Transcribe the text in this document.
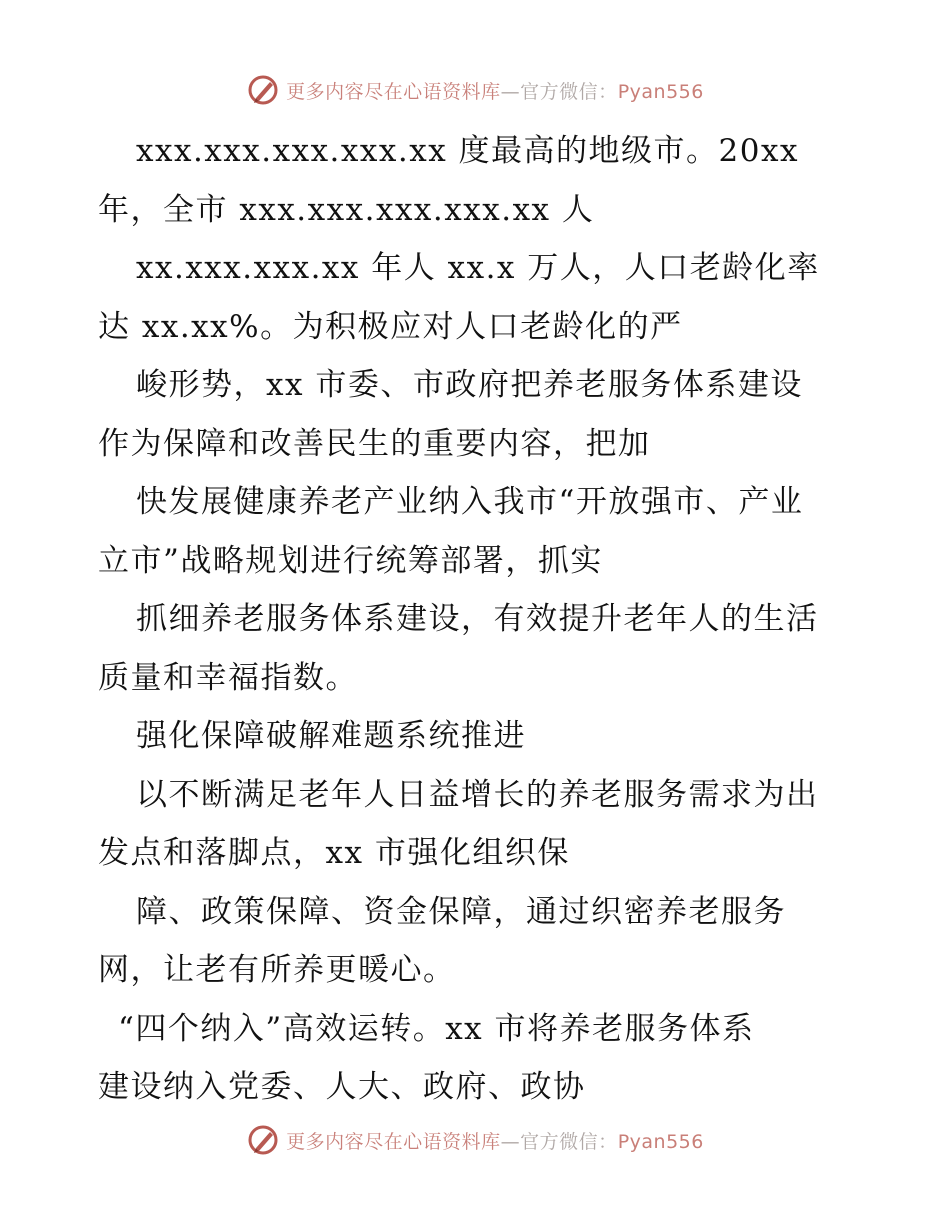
更多内容尽在心语资料库—官方微信：Pyan556
xxx.xxx.xxx.xxx.xx 度最高的地级市。20xx
年，全市 xxx.xxx.xxx.xxx.xx 人
xx.xxx.xxx.xx 年人 xx.x 万人，人口老龄化率
达 xx.xx%。为积极应对人口老龄化的严
峻形势，xx 市委、市政府把养老服务体系建设
作为保障和改善民生的重要内容，把加
快发展健康养老产业纳入我市“开放强市、产业
立市”战略规划进行统筹部署，抓实
抓细养老服务体系建设，有效提升老年人的生活
质量和幸福指数。
强化保障破解难题系统推进
以不断满足老年人日益增长的养老服务需求为出
发点和落脚点，xx 市强化组织保
障、政策保障、资金保障，通过织密养老服务
网，让老有所养更暖心。
“四个纳入”高效运转。xx 市将养老服务体系
建设纳入党委、人大、政府、政协
更多内容尽在心语资料库—官方微信：Pyan556
